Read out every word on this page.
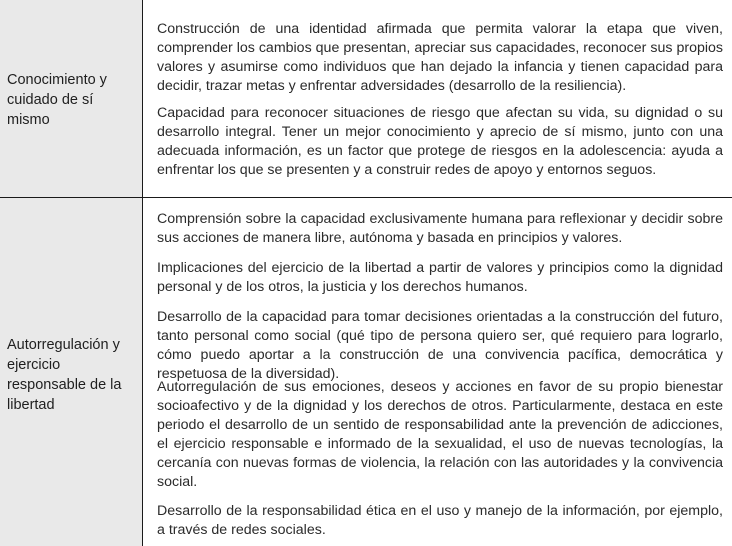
Conocimiento y cuidado de sí mismo
Construcción de una identidad afirmada que permita valorar la etapa que viven, comprender los cambios que presentan, apreciar sus capacidades, reconocer sus propios valores y asumirse como individuos que han dejado la infancia y tienen capacidad para decidir, trazar metas y enfrentar adversidades (desarrollo de la resiliencia).
Capacidad para reconocer situaciones de riesgo que afectan su vida, su dignidad o su desarrollo integral. Tener un mejor conocimiento y aprecio de sí mismo, junto con una adecuada información, es un factor que protege de riesgos en la adolescencia: ayuda a enfrentar los que se presenten y a construir redes de apoyo y entornos seguos.
Autorregulación y ejercicio responsable de la libertad
Comprensión sobre la capacidad exclusivamente humana para reflexionar y decidir sobre sus acciones de manera libre, autónoma y basada en principios y valores.
Implicaciones del ejercicio de la libertad a partir de valores y principios como la dignidad personal y de los otros, la justicia y los derechos humanos.
Desarrollo de la capacidad para tomar decisiones orientadas a la construcción del futuro, tanto personal como social (qué tipo de persona quiero ser, qué requiero para lograrlo, cómo puedo aportar a la construcción de una convivencia pacífica, democrática y respetuosa de la diversidad).
Autorregulación de sus emociones, deseos y acciones en favor de su propio bienestar socioafectivo y de la dignidad y los derechos de otros. Particularmente, destaca en este periodo el desarrollo de un sentido de responsabilidad ante la prevención de adicciones, el ejercicio responsable e informado de la sexualidad, el uso de nuevas tecnologías, la cercanía con nuevas formas de violencia, la relación con las autoridades y la convivencia social.
Desarrollo de la responsabilidad ética en el uso y manejo de la información, por ejemplo, a través de redes sociales.
